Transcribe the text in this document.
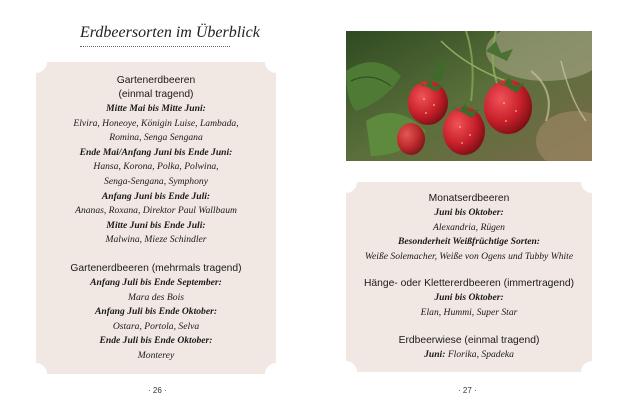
Erdbeersorten im Überblick
Gartenerdbeeren
(einmal tragend)
Mitte Mai bis Mitte Juni:
Elvira, Honeoye, Königin Luise, Lambada,
Romina, Senga Sengana
Ende Mai/Anfang Juni bis Ende Juni:
Hansa, Korona, Polka, Polwina,
Senga-Sengana, Symphony
Anfang Juni bis Ende Juli:
Ananas, Roxana, Direktor Paul Wallbaum
Mitte Juni bis Ende Juli:
Malwina, Mieze Schindler
Gartenerdbeeren (mehrmals tragend)
Anfang Juli bis Ende September:
Mara des Bois
Anfang Juli bis Ende Oktober:
Ostara, Portola, Selva
Ende Juli bis Ende Oktober:
Monterey
· 26 ·
Monatserdbeeren
Juni bis Oktober:
Alexandria, Rügen
Besonderheit Weißfrüchtige Sorten:
Weiße Solemacher, Weiße von Ogens und Tubby White
Hänge- oder Klettererdbeeren (immertragend)
Juni bis Oktober:
Elan, Hummi, Super Star
Erdbeerwiese (einmal tragend)
Juni: Florika, Spadeka
· 27 ·
